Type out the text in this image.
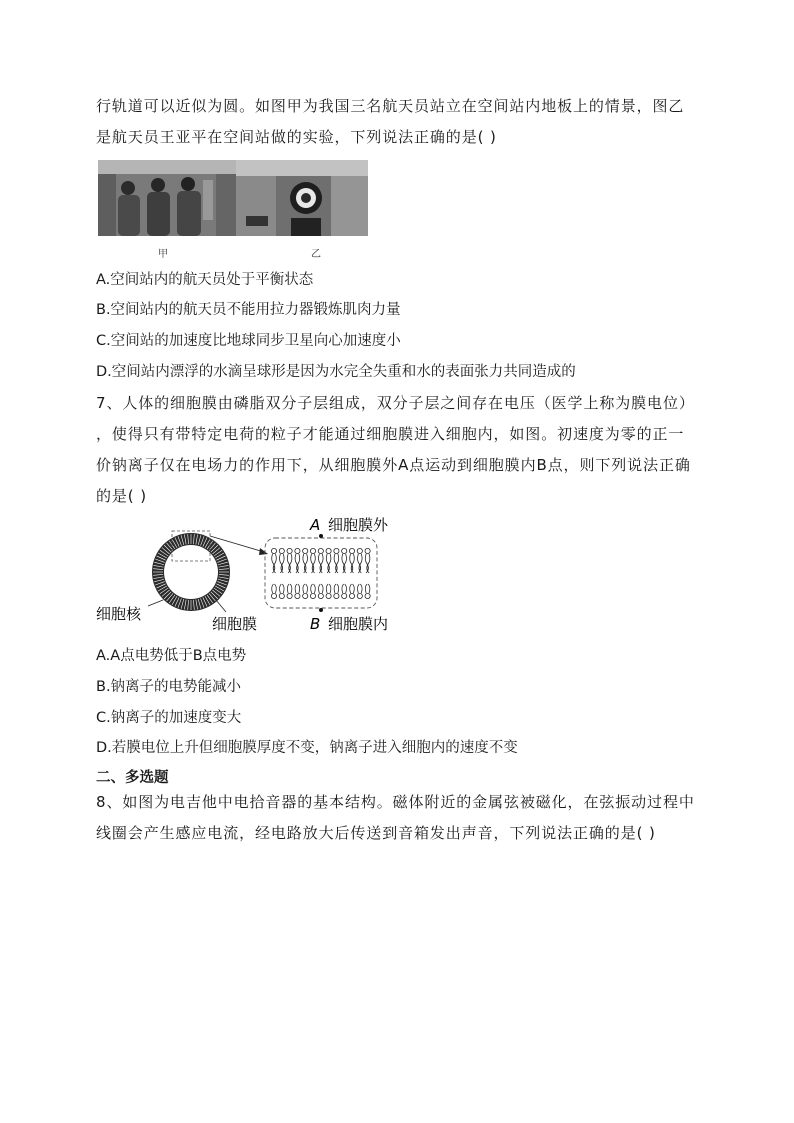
行轨道可以近似为圆。如图甲为我国三名航天员站立在空间站内地板上的情景，图乙
是航天员王亚平在空间站做的实验，下列说法正确的是( )
甲	乙
A.空间站内的航天员处于平衡状态
B.空间站内的航天员不能用拉力器锻炼肌肉力量
C.空间站的加速度比地球同步卫星向心加速度小
D.空间站内漂浮的水滴呈球形是因为水完全失重和水的表面张力共同造成的
7、人体的细胞膜由磷脂双分子层组成，双分子层之间存在电压（医学上称为膜电位）
，使得只有带特定电荷的粒子才能通过细胞膜进入细胞内，如图。初速度为零的正一
价钠离子仅在电场力的作用下，从细胞膜外A点运动到细胞膜内B点，则下列说法正确
的是( )
A 细胞膜外
B 细胞膜内
细胞核
细胞膜
A.A点电势低于B点电势
B.钠离子的电势能减小
C.钠离子的加速度变大
D.若膜电位上升但细胞膜厚度不变，钠离子进入细胞内的速度不变
二、多选题
8、如图为电吉他中电拾音器的基本结构。磁体附近的金属弦被磁化，在弦振动过程中
线圈会产生感应电流，经电路放大后传送到音箱发出声音，下列说法正确的是( )
